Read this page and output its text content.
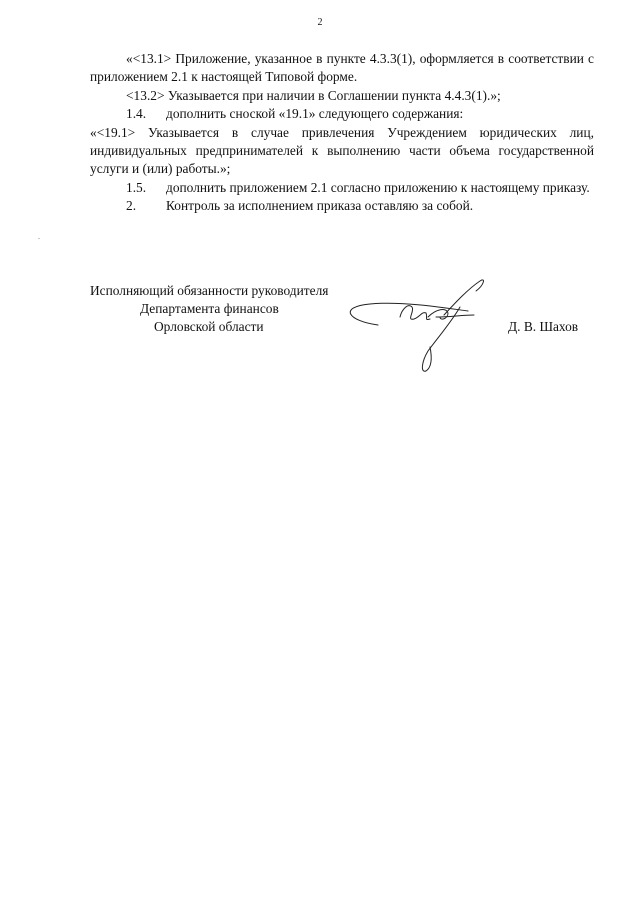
2
.

«<13.1> Приложение, указанное в пункте 4.3.3(1), оформляется в соответствии с приложением 2.1 к настоящей Типовой форме.

<13.2> Указывается при наличии в Соглашении пункта 4.4.3(1).»;

1.4.	дополнить сноской «19.1» следующего содержания:

«<19.1> Указывается в случае привлечения Учреждением юридических лиц, индивидуальных предпринимателей к выполнению части объема государственной услуги и (или) работы.»;

1.5. дополнить приложением 2.1 согласно приложению к настоящему приказу.

2.	Контроль за исполнением приказа оставляю за собой.
Исполняющий обязанности руководителя
Департамента финансов
Орловской области	Д. В. Шахов
